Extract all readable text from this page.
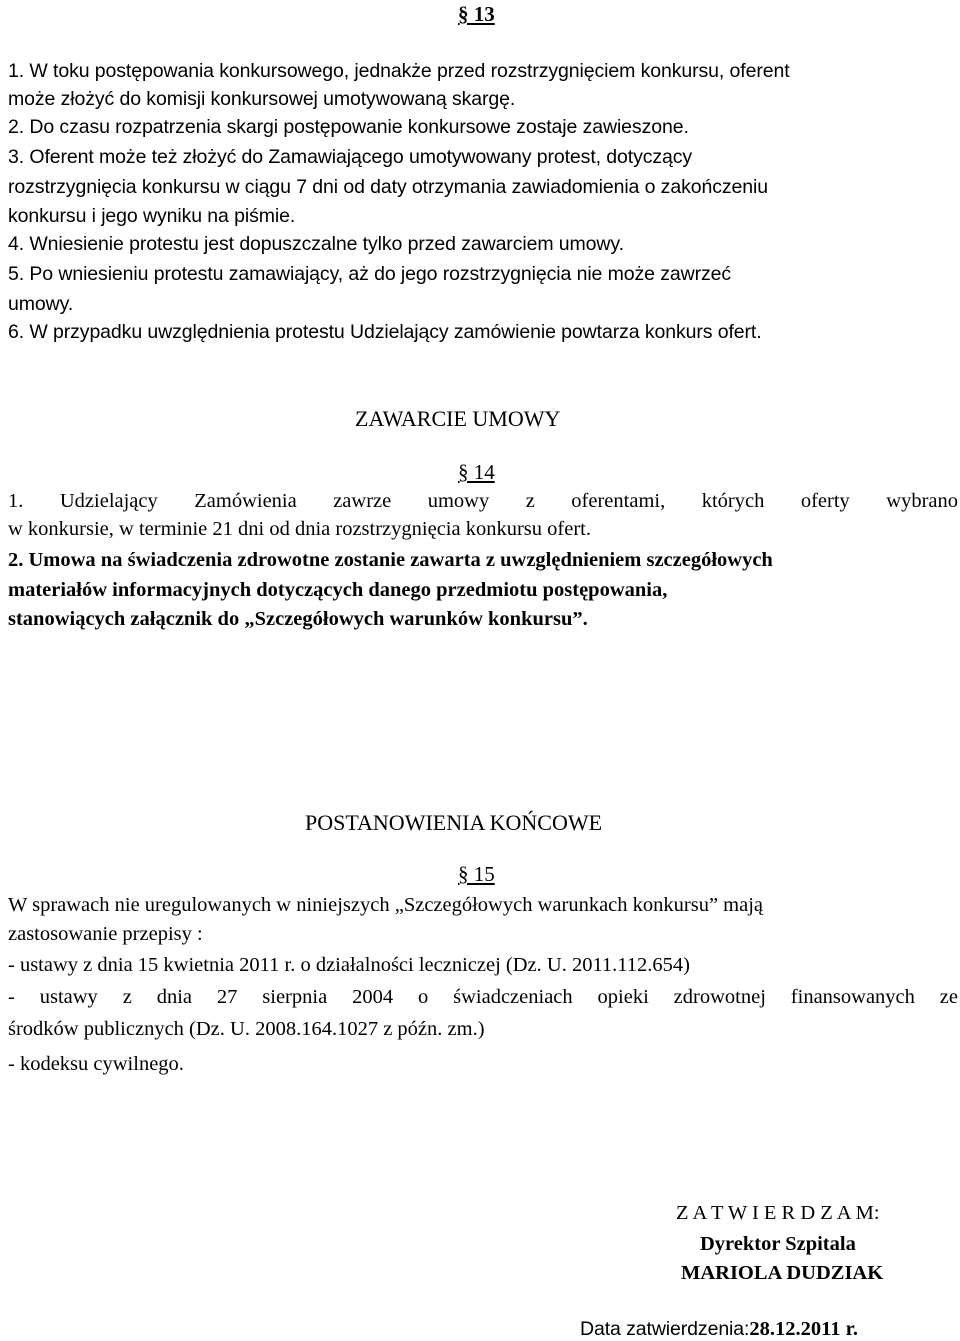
§ 13
1. W toku postępowania konkursowego, jednakże przed rozstrzygnięciem konkursu, oferent
może złożyć do komisji konkursowej umotywowaną skargę.
2. Do czasu rozpatrzenia skargi postępowanie konkursowe zostaje zawieszone.
3. Oferent może też złożyć do Zamawiającego umotywowany protest, dotyczący
rozstrzygnięcia konkursu w ciągu 7 dni od daty otrzymania zawiadomienia o zakończeniu
konkursu i jego wyniku na piśmie.
4. Wniesienie protestu jest dopuszczalne tylko przed zawarciem umowy.
5. Po wniesieniu protestu zamawiający, aż do jego rozstrzygnięcia nie może zawrzeć
umowy.
6. W przypadku uwzględnienia protestu Udzielający zamówienie powtarza konkurs ofert.
ZAWARCIE UMOWY
§ 14
1. Udzielający Zamówienia zawrze umowy z oferentami, których oferty wybrano
w konkursie, w terminie 21 dni od dnia rozstrzygnięcia konkursu ofert.
2. Umowa na świadczenia zdrowotne zostanie zawarta z uwzględnieniem szczegółowych
materiałów informacyjnych dotyczących danego przedmiotu postępowania,
stanowiących załącznik do „Szczegółowych warunków konkursu”.
POSTANOWIENIA KOŃCOWE
§ 15
W sprawach nie uregulowanych w niniejszych „Szczegółowych warunkach konkursu” mają
zastosowanie przepisy :
- ustawy z dnia 15 kwietnia 2011 r. o działalności leczniczej (Dz. U. 2011.112.654)
- ustawy z dnia 27 sierpnia 2004 o świadczeniach opieki zdrowotnej finansowanych ze
środków publicznych (Dz. U. 2008.164.1027 z późn. zm.)
- kodeksu cywilnego.
Z A T W I E R D Z A M:
Dyrektor Szpitala
MARIOLA DUDZIAK
Data zatwierdzenia:28.12.2011 r.
